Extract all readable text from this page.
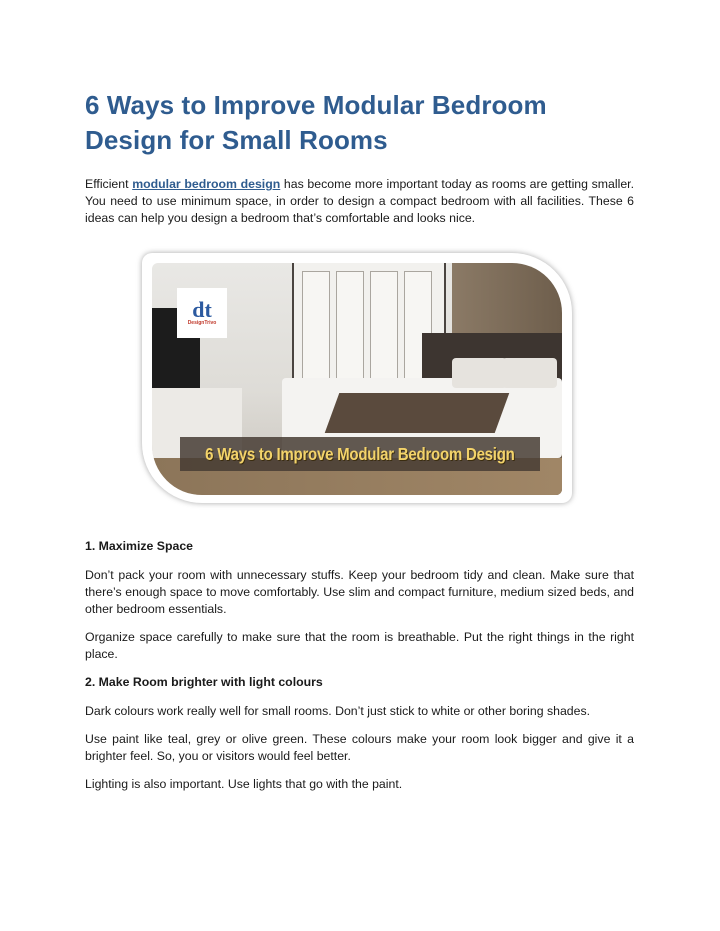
6 Ways to Improve Modular Bedroom Design for Small Rooms

Efficient modular bedroom design has become more important today as rooms are getting smaller. You need to use minimum space, in order to design a compact bedroom with all facilities. These 6 ideas can help you design a bedroom that’s comfortable and looks nice.

dt
DesignTrivo
6 Ways to Improve Modular Bedroom Design
1. Maximize Space

Don’t pack your room with unnecessary stuffs. Keep your bedroom tidy and clean. Make sure that there’s enough space to move comfortably. Use slim and compact furniture, medium sized beds, and other bedroom essentials.

Organize space carefully to make sure that the room is breathable. Put the right things in the right place.

2. Make Room brighter with light colours

Dark colours work really well for small rooms. Don’t just stick to white or other boring shades.

Use paint like teal, grey or olive green. These colours make your room look bigger and give it a brighter feel. So, you or visitors would feel better.

Lighting is also important. Use lights that go with the paint.
